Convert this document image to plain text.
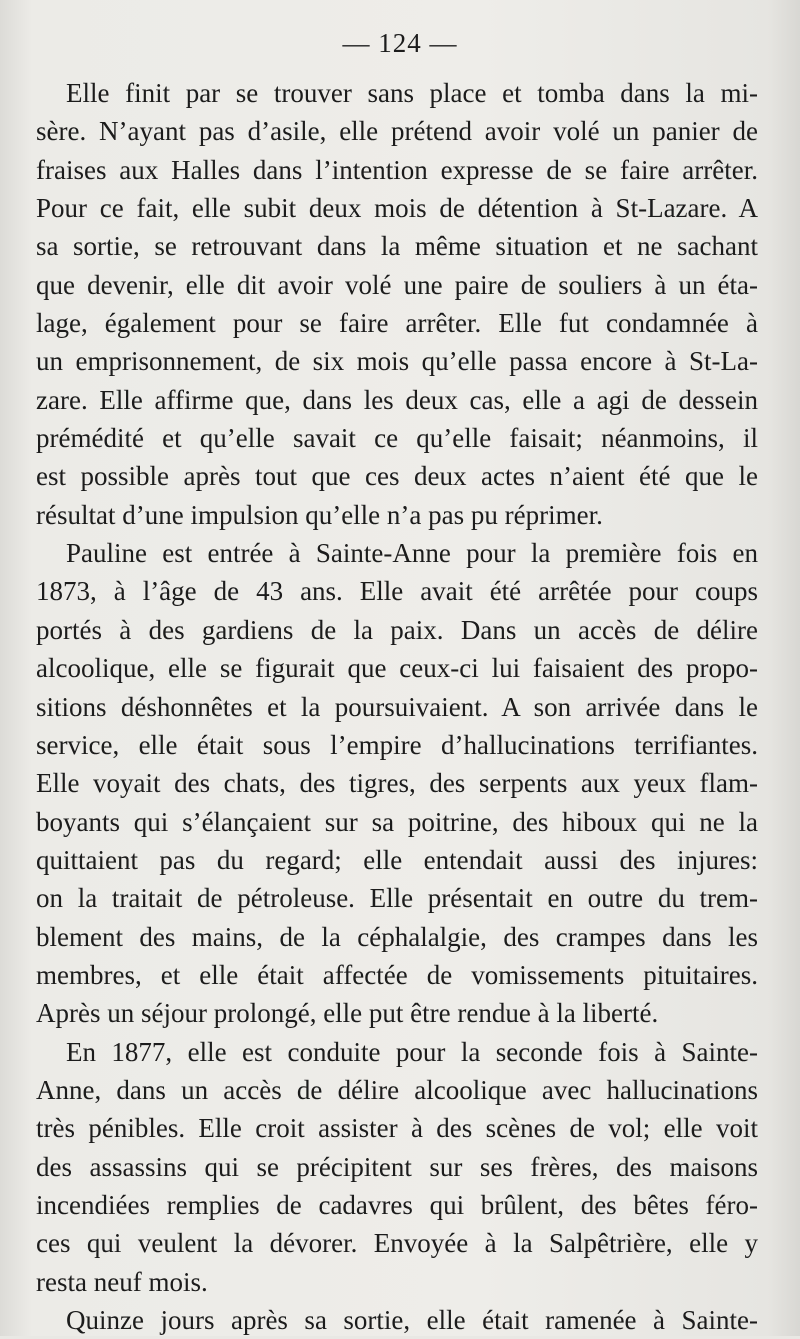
— 124 —
Elle finit par se trouver sans place et tomba dans la mi-
sère. N’ayant pas d’asile, elle prétend avoir volé un panier de
fraises aux Halles dans l’intention expresse de se faire arrêter.
Pour ce fait, elle subit deux mois de détention à St-Lazare. A
sa sortie, se retrouvant dans la même situation et ne sachant
que devenir, elle dit avoir volé une paire de souliers à un éta-
lage, également pour se faire arrêter. Elle fut condamnée à
un emprisonnement, de six mois qu’elle passa encore à St-La-
zare. Elle affirme que, dans les deux cas, elle a agi de dessein
prémédité et qu’elle savait ce qu’elle faisait; néanmoins, il
est possible après tout que ces deux actes n’aient été que le
résultat d’une impulsion qu’elle n’a pas pu réprimer.
Pauline est entrée à Sainte-Anne pour la première fois en
1873, à l’âge de 43 ans. Elle avait été arrêtée pour coups
portés à des gardiens de la paix. Dans un accès de délire
alcoolique, elle se figurait que ceux-ci lui faisaient des propo-
sitions déshonnêtes et la poursuivaient. A son arrivée dans le
service, elle était sous l’empire d’hallucinations terrifiantes.
Elle voyait des chats, des tigres, des serpents aux yeux flam-
boyants qui s’élançaient sur sa poitrine, des hiboux qui ne la
quittaient pas du regard; elle entendait aussi des injures:
on la traitait de pétroleuse. Elle présentait en outre du trem-
blement des mains, de la céphalalgie, des crampes dans les
membres, et elle était affectée de vomissements pituitaires.
Après un séjour prolongé, elle put être rendue à la liberté.
En 1877, elle est conduite pour la seconde fois à Sainte-
Anne, dans un accès de délire alcoolique avec hallucinations
très pénibles. Elle croit assister à des scènes de vol; elle voit
des assassins qui se précipitent sur ses frères, des maisons
incendiées remplies de cadavres qui brûlent, des bêtes féro-
ces qui veulent la dévorer. Envoyée à la Salpêtrière, elle y
resta neuf mois.
Quinze jours après sa sortie, elle était ramenée à Sainte-
